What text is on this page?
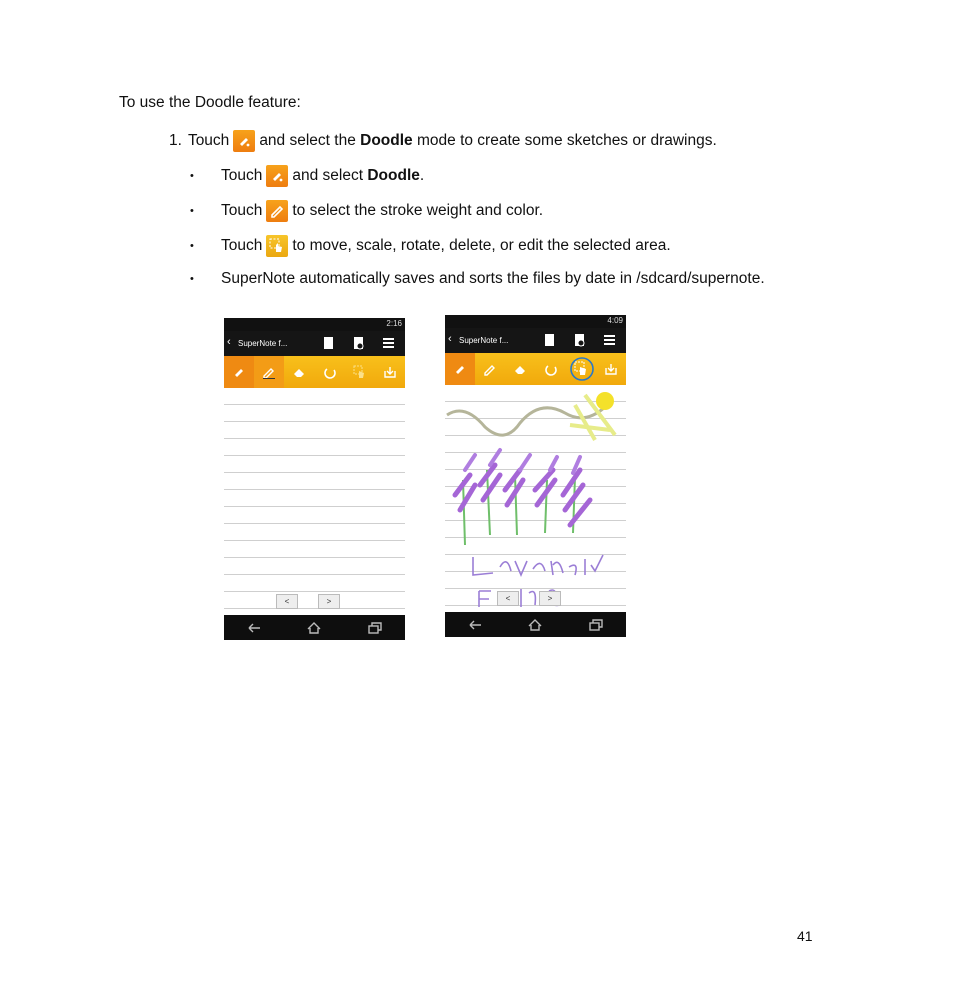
To use the Doodle feature:
1. Touch and select the
Doodle
mode to create some sketches or drawings.
•	Touch and select
Doodle .
•	Touch to select the stroke weight and color.
•	Touch to move, scale, rotate, delete, or edit the selected area.
•	SuperNote automatically saves and sorts the files by date in /sdcard/supernote.
2:16
‹ SuperNote f...
<	>
4:09
‹ SuperNote f...
Lavender Fields
<	>
41
